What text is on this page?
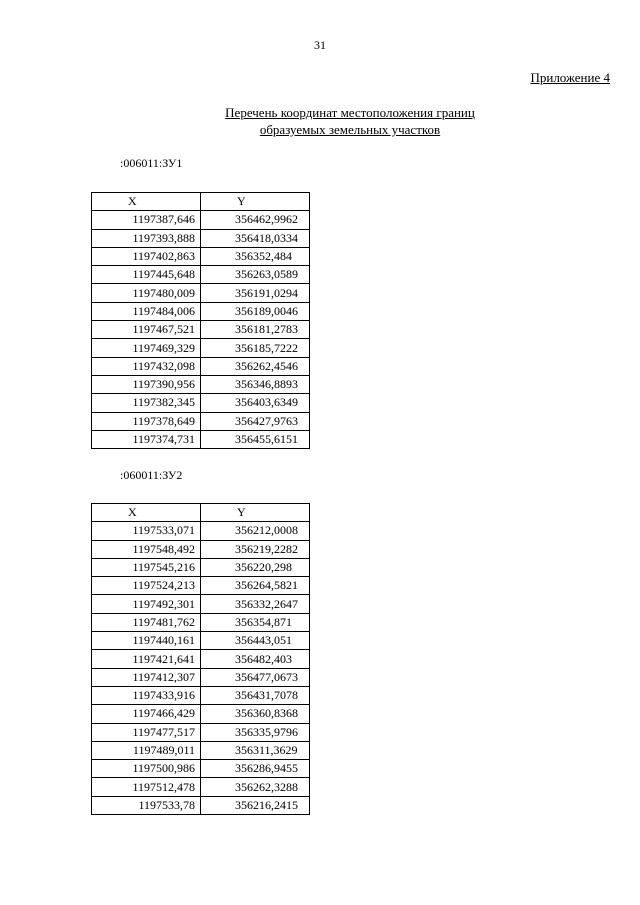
31
Приложение 4
Перечень координат местоположения границ
образуемых земельных участков
:006011:ЗУ1
X	Y
1197387,646	356462,9962
1197393,888	356418,0334
1197402,863	356352,484
1197445,648	356263,0589
1197480,009	356191,0294
1197484,006	356189,0046
1197467,521	356181,2783
1197469,329	356185,7222
1197432,098	356262,4546
1197390,956	356346,8893
1197382,345	356403,6349
1197378,649	356427,9763
1197374,731	356455,6151
:060011:ЗУ2
X	Y
1197533,071	356212,0008
1197548,492	356219,2282
1197545,216	356220,298
1197524,213	356264,5821
1197492,301	356332,2647
1197481,762	356354,871
1197440,161	356443,051
1197421,641	356482,403
1197412,307	356477,0673
1197433,916	356431,7078
1197466,429	356360,8368
1197477,517	356335,9796
1197489,011	356311,3629
1197500,986	356286,9455
1197512,478	356262,3288
1197533,78	356216,2415
